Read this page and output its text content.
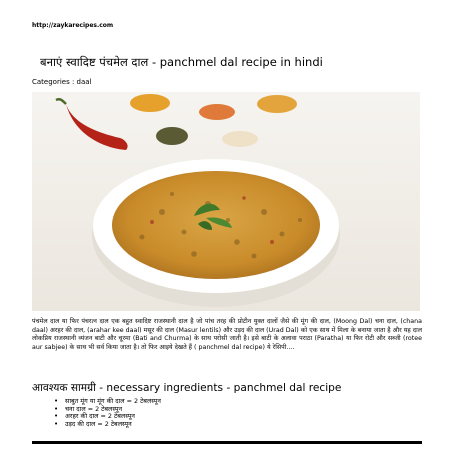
http://zaykarecipes.com
बनाएं स्वादिष्ट पंचमेल दाल - panchmel dal recipe in hindi
Categories : daal
पंचमेल दाल या फिर पंचरत्न दाल एक बहुत स्वादिष्ट राजस्थानी दाल है जो पांच तरह की प्रोटीन युक्त दालों जैसे की मूंग की दाल, (Moong Dal) चना दाल, (chana daal) अरहर की दाल, (arahar kee daal) मसूर की दाल (Masur lentils) और उड़द की दाल (Urad Dal) को एक साथ में मिला के बनाया जाता है और यह दाल लोकप्रिय राजस्थानी व्यंजन बाटी और चूरमा (Bati and Churma) के साथ परोसी जाती है। इसे बाटी के अलावा पराठा (Paratha) या फिर रोटी और सब्जी (rotee aur sabjee) के साथ भी सर्व किया जाता है। तो फिर आइये देखते हैं ( panchmel dal recipe) ये रेसिपी....
आवश्यक सामग्री - necessary ingredients - panchmel dal recipe
• साबुत मूंग या मूंग की दाल = 2 टेबलस्पून
• चना दाल = 2 टेबलस्पून
• अरहर की दाल = 2 टेबलस्पून
• उड़द की दाल = 2 टेबलस्पून
